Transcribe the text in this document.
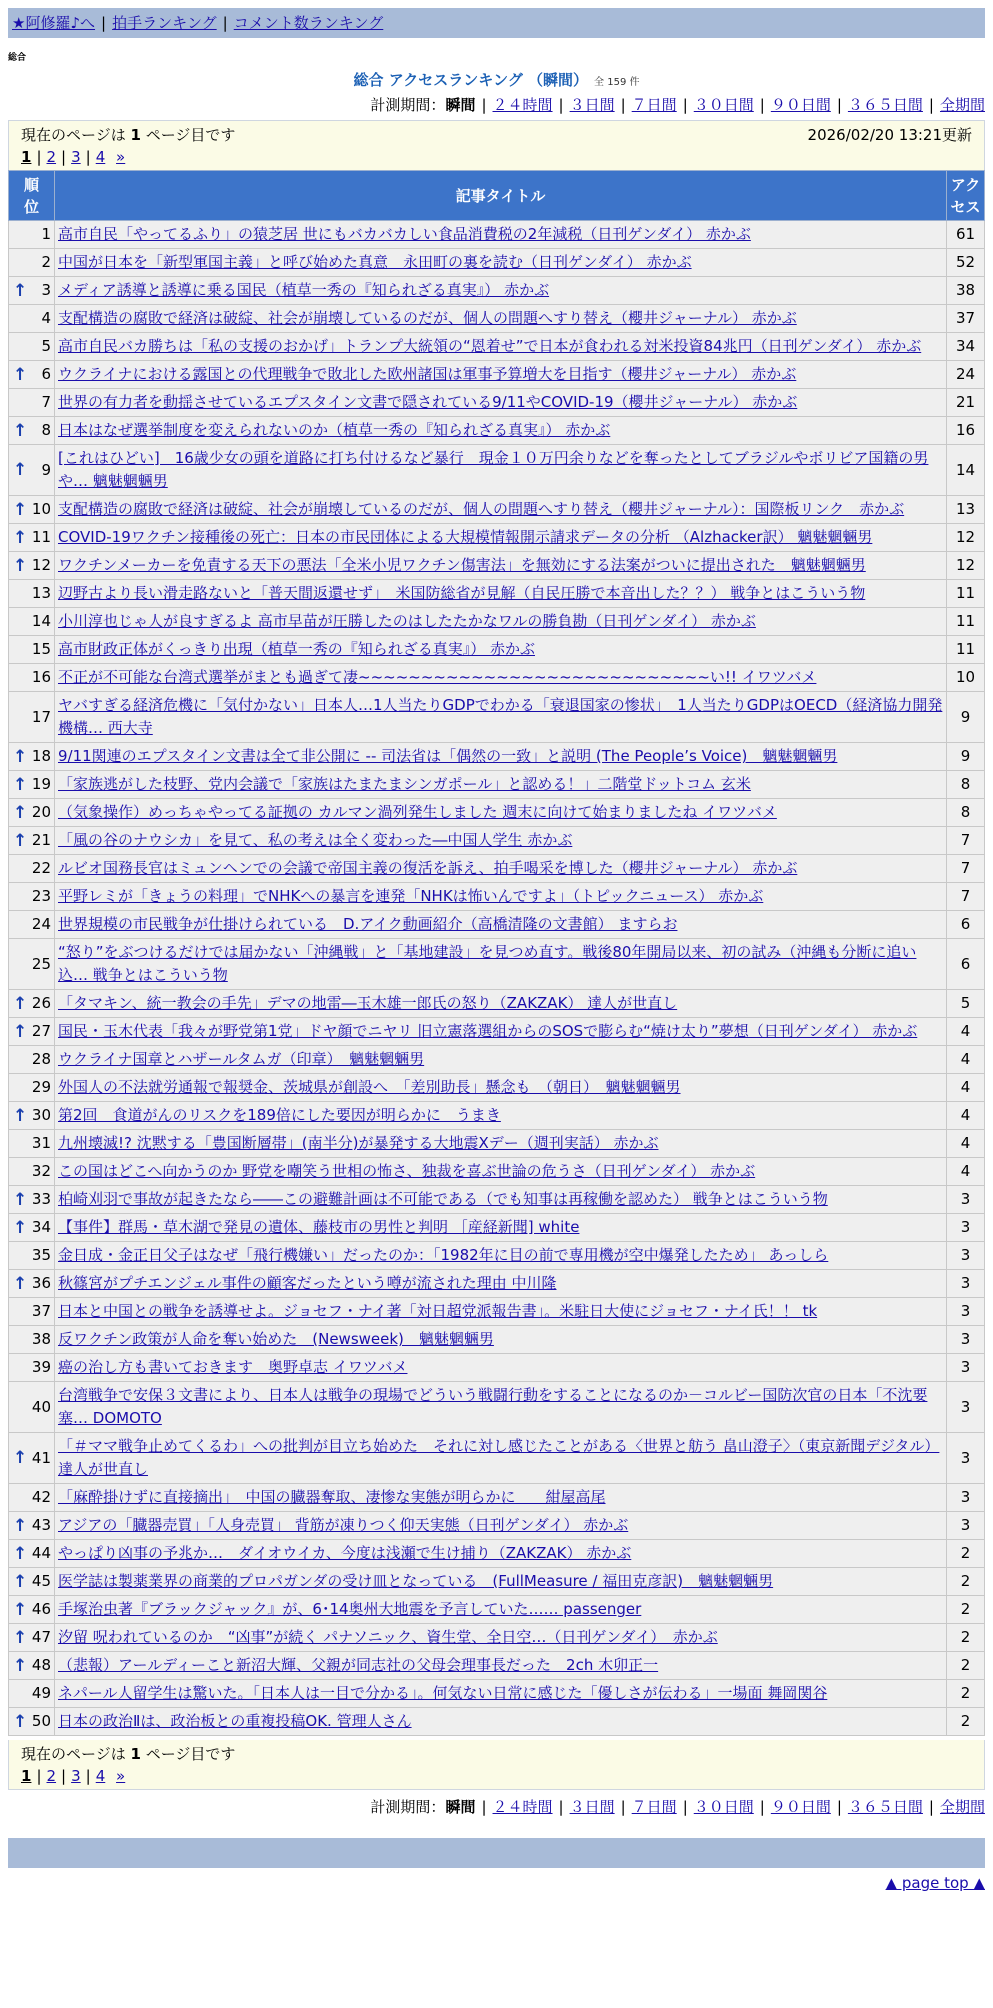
★阿修羅♪へ | 拍手ランキング | コメント数ランキング
総合
総合 アクセスランキング （瞬間） 全 159 件
計測期間：瞬間 | ２４時間 | ３日間 | ７日間 | ３０日間 | ９０日間 | ３６５日間 | 全期間
現在のページは 1 ページ目です	2026/02/20 13:21更新
1 | 2 | 3 | 4 »
順
位	記事タイトル	アク
セス
1	高市自民「やってるふり」の猿芝居 世にもバカバカしい食品消費税の2年減税（日刊ゲンダイ） 赤かぶ	61
2	中国が日本を「新型軍国主義」と呼び始めた真意　永田町の裏を読む（日刊ゲンダイ） 赤かぶ	52

↑ 3	メディア誘導と誘導に乗る国民（植草一秀の『知られざる真実』） 赤かぶ	38
4	支配構造の腐敗で経済は破綻、社会が崩壊しているのだが、個人の問題へすり替え（櫻井ジャーナル） 赤かぶ	37
5	高市自民バカ勝ちは「私の支援のおかげ」トランプ大統領の“恩着せ”で日本が食われる対米投資84兆円（日刊ゲンダイ） 赤かぶ	34

↑ 6	ウクライナにおける露国との代理戦争で敗北した欧州諸国は軍事予算増大を目指す（櫻井ジャーナル） 赤かぶ	24
7	世界の有力者を動揺させているエプスタイン文書で隠されている9/11やCOVID-19（櫻井ジャーナル） 赤かぶ	21

↑ 8	日本はなぜ選挙制度を変えられないのか（植草一秀の『知られざる真実』） 赤かぶ	16

↑ 9	[これはひどい]　16歳少女の頭を道路に打ち付けるなど暴行　現金１０万円余りなどを奪ったとしてブラジルやボリビア国籍の男や… 魑魅魍魎男	14

↑ 10	支配構造の腐敗で経済は破綻、社会が崩壊しているのだが、個人の問題へすり替え（櫻井ジャーナル）：国際板リンク　赤かぶ	13

↑ 11	COVID-19ワクチン接種後の死亡：日本の市民団体による大規模情報開示請求データの分析 （Alzhacker訳） 魑魅魍魎男	12

↑ 12	ワクチンメーカーを免責する天下の悪法「全米小児ワクチン傷害法」を無効にする法案がついに提出された　魑魅魍魎男	12
13	辺野古より長い滑走路ないと「普天間返還せず」　米国防総省が見解（自民圧勝で本音出した？？） 戦争とはこういう物	11
14	小川淳也じゃ人が良すぎるよ 高市早苗が圧勝したのはしたたかなワルの勝負勘（日刊ゲンダイ） 赤かぶ	11
15	高市財政正体がくっきり出現（植草一秀の『知られざる真実』） 赤かぶ	11
16	不正が不可能な台湾式選挙がまとも過ぎて凄~~~~~~~~~~~~~~~~~~~~~~~~~~~~い!! イワツバメ	10
17	ヤバすぎる経済危機に「気付かない」日本人…1人当たりGDPでわかる「衰退国家の惨状」　1人当たりGDPはOECD（経済協力開発機構… 西大寺	9

↑ 18	9/11関連のエプスタイン文書は全て非公開に -- 司法省は「偶然の一致」と説明 (The People’s Voice)　魑魅魍魎男	9

↑ 19	「家族逃がした枝野、党内会議で「家族はたまたまシンガポール」と認める！」二階堂ドットコム 玄米	8

↑ 20	（気象操作）めっちゃやってる証拠の カルマン渦列発生しました 週末に向けて始まりましたね イワツバメ	8

↑ 21	「風の谷のナウシカ」を見て、私の考えは全く変わった―中国人学生 赤かぶ	7
22	ルビオ国務長官はミュンヘンでの会議で帝国主義の復活を訴え、拍手喝采を博した（櫻井ジャーナル） 赤かぶ	7
23	平野レミが「きょうの料理」でNHKへの暴言を連発「NHKは怖いんですよ」（トピックニュース） 赤かぶ	7
24	世界規模の市民戦争が仕掛けられている　D.アイク動画紹介（高橋清隆の文書館） ますらお	6
25	“怒り”をぶつけるだけでは届かない「沖縄戦」と「基地建設」を見つめ直す。戦後80年開局以来、初の試み（沖縄も分断に追い込… 戦争とはこういう物	6

↑ 26	「タマキン、統一教会の手先」デマの地雷―玉木雄一郎氏の怒り（ZAKZAK） 達人が世直し	5

↑ 27	国民・玉木代表「我々が野党第1党」ドヤ顔でニヤリ 旧立憲落選組からのSOSで膨らむ“焼け太り”夢想（日刊ゲンダイ） 赤かぶ	4
28	ウクライナ国章とハザールタムガ（印章）　魑魅魍魎男	4
29	外国人の不法就労通報で報奨金、茨城県が創設へ　「差別助長」懸念も　（朝日）　魑魅魍魎男	4

↑ 30	第2回　食道がんのリスクを189倍にした要因が明らかに　うまき	4
31	九州壊滅!? 沈黙する「豊国断層帯」(南半分)が暴発する大地震Xデー（週刊実話） 赤かぶ	4
32	この国はどこへ向かうのか 野党を嘲笑う世相の怖さ、独裁を喜ぶ世論の危うさ（日刊ゲンダイ） 赤かぶ	4

↑ 33	柏崎刈羽で事故が起きたなら――この避難計画は不可能である（でも知事は再稼働を認めた） 戦争とはこういう物	3

↑ 34	【事件】群馬・草木湖で発見の遺体、藤枝市の男性と判明 ［産経新聞] white	3
35	金日成・金正日父子はなぜ「飛行機嫌い」だったのか：「1982年に目の前で専用機が空中爆発したため」 あっしら	3

↑ 36	秋篠宮がプチエンジェル事件の顧客だったという噂が流された理由 中川隆	3
37	日本と中国との戦争を誘導せよ。ジョセフ・ナイ著「対日超党派報告書」。米駐日大使にジョセフ・ナイ氏！！ tk	3
38	反ワクチン政策が人命を奪い始めた　(Newsweek)　魑魅魍魎男	3
39	癌の治し方も書いておきます　奥野卓志 イワツバメ	3
40	台湾戦争で安保３文書により、日本人は戦争の現場でどういう戦闘行動をすることになるのか－コルビー国防次官の日本「不沈要塞… DOMOTO	3

↑ 41	「＃ママ戦争止めてくるわ」への批判が目立ち始めた　それに対し感じたことがある〈世界と舫う 畠山澄子〉（東京新聞デジタル） 達人が世直し	3
42	「麻酔掛けずに直接摘出」　中国の臓器奪取、凄惨な実態が明らかに　　紺屋高尾	3

↑ 43	アジアの「臓器売買」「人身売買」 背筋が凍りつく仰天実態（日刊ゲンダイ） 赤かぶ	3

↑ 44	やっぱり凶事の予兆か…　ダイオウイカ、今度は浅瀬で生け捕り（ZAKZAK） 赤かぶ	2

↑ 45	医学誌は製薬業界の商業的プロパガンダの受け皿となっている　(FullMeasure / 福田克彦訳)　魑魅魍魎男	2

↑ 46	手塚治虫著『ブラックジャック』が、6･14奥州大地震を予言していた…… passenger	2

↑ 47	汐留 呪われているのか　“凶事”が続く パナソニック、資生堂、全日空…（日刊ゲンダイ）　赤かぶ	2

↑ 48	（悲報）アールディーこと新沼大輝、父親が同志社の父母会理事長だった　2ch 木卯正一	2
49	ネパール人留学生は驚いた。「日本人は一目で分かる」。何気ない日常に感じた「優しさが伝わる」一場面 舞岡関谷	2

↑ 50	日本の政治Ⅱは、政治板との重複投稿OK. 管理人さん	2
現在のページは 1 ページ目です
1 | 2 | 3 | 4 »
計測期間：瞬間 | ２４時間 | ３日間 | ７日間 | ３０日間 | ９０日間 | ３６５日間 | 全期間
▲ page top ▲
